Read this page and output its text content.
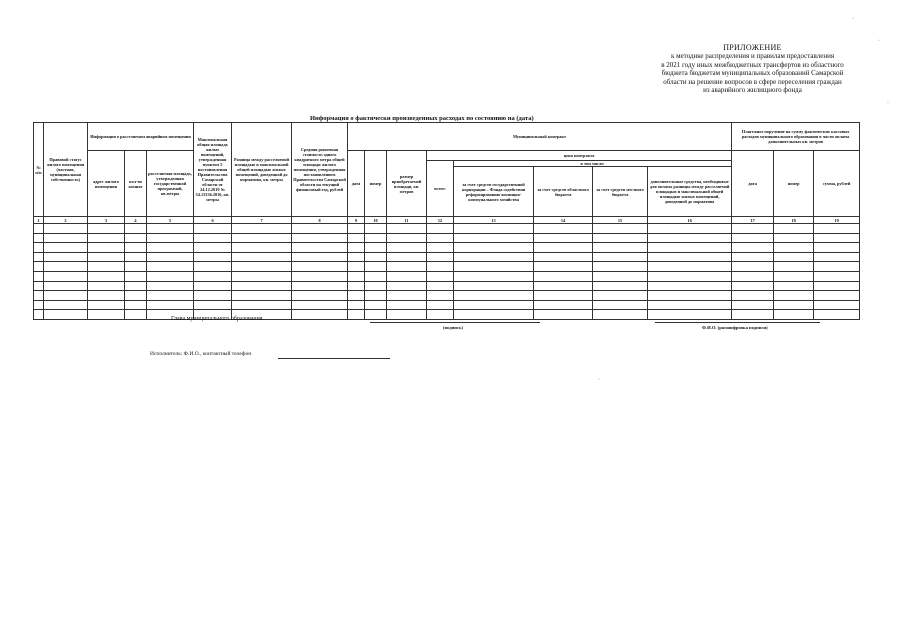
ПРИЛОЖЕНИЕ
к методике распределения и правилам предоставления
в 2021 году иных межбюджетных трансфертов из областного
бюджета бюджетам муниципальных образований Самарской
области на решение вопросов в сфере переселения граждан
из аварийного жилищного фонда
Информация о фактически произведенных расходах по состоянию на (дата)
№ п/п	Правовой статус жилого помещения (частная, муниципальная собственность)	Информация о расселяемом аварийном помещении			Максимальная общая площадь жилых помещений, утвержденная пунктом 5 постановления Правительства Самарской области от 24.12.2019 № 54.13336.2016, кв. метры	Разница между расселяемой площадью и максимальной общей площадью жилых помещений, доведенной до норматива, кв. метры	Средняя рыночная стоимость одного квадратного метра общей площади жилого помещения, утвержденная постановлением Правительства Самарской области на текущий финансовый год, рублей	Муниципальный контракт								Платежное поручение на сумму фактических кассовых расходов муниципального образования в части оплаты дополнительных кв. метров		
		адрес жилого помещения	кол-во комнат	расселяемая площадь, утвержденная государственной программой, кв.метры				дата	номер	размер приобретаемой площади, кв. метров	цена контракта					дата	номер	сумма, рублей
											всего:	в том числе:						
												за счет средств государственной корпорации – Фонда содействия реформированию жилищно-коммунального хозяйства	за счет средств областного бюджета	за счет средств местного бюджета	дополнительные средства, необходимые для оплаты разницы между расселяемой площадью и максимальной общей площадью жилых помещений, доведенной до норматива			
1	2	3	4	5	6	7	8	9	10	11	12	13	14	15	16	17	18	19

Глава муниципального образования
(подпись)	Ф.И.О. (расшифровка подписи)
Исполнитель: Ф.И.О., контактный телефон
·
·
·
·
